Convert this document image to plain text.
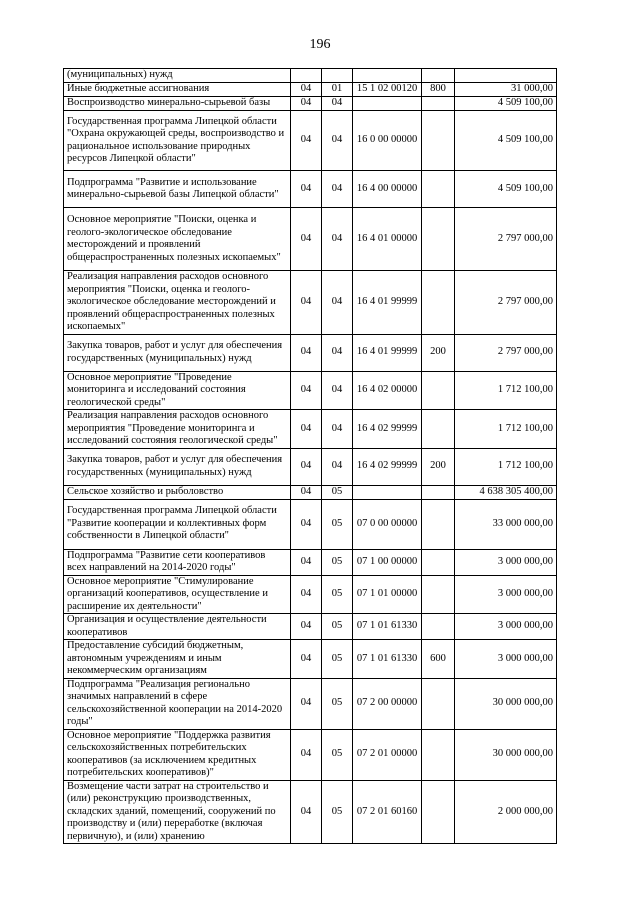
196
(муниципальных) нужд					
Иные бюджетные ассигнования	04	01	15 1 02 00120	800	31 000,00
Воспроизводство минерально-сырьевой базы	04	04			4 509 100,00
Государственная программа Липецкой области "Охрана окружающей среды, воспроизводство и рациональное использование природных ресурсов Липецкой области"	04	04	16 0 00 00000		4 509 100,00
Подпрограмма "Развитие и использование минерально-сырьевой базы Липецкой области"	04	04	16 4 00 00000		4 509 100,00
Основное мероприятие "Поиски, оценка и геолого-экологическое обследование месторождений и проявлений общераспространенных полезных ископаемых"	04	04	16 4 01 00000		2 797 000,00
Реализация направления расходов основного мероприятия "Поиски, оценка и геолого-экологическое обследование месторождений и проявлений общераспространенных полезных ископаемых"	04	04	16 4 01 99999		2 797 000,00
Закупка товаров, работ и услуг для обеспечения государственных (муниципальных) нужд	04	04	16 4 01 99999	200	2 797 000,00
Основное мероприятие "Проведение мониторинга и исследований состояния геологической среды"	04	04	16 4 02 00000		1 712 100,00
Реализация направления расходов основного мероприятия "Проведение мониторинга и исследований состояния геологической среды"	04	04	16 4 02 99999		1 712 100,00
Закупка товаров, работ и услуг для обеспечения государственных (муниципальных) нужд	04	04	16 4 02 99999	200	1 712 100,00
Сельское хозяйство и рыболовство	04	05			4 638 305 400,00
Государственная программа Липецкой области "Развитие кооперации и коллективных форм собственности в Липецкой области"	04	05	07 0 00 00000		33 000 000,00
Подпрограмма "Развитие сети кооперативов всех направлений на 2014-2020 годы"	04	05	07 1 00 00000		3 000 000,00
Основное мероприятие "Стимулирование организаций кооперативов, осуществление и расширение их деятельности"	04	05	07 1 01 00000		3 000 000,00
Организация и осуществление деятельности кооперативов	04	05	07 1 01 61330		3 000 000,00
Предоставление субсидий бюджетным, автономным учреждениям и иным некоммерческим организациям	04	05	07 1 01 61330	600	3 000 000,00
Подпрограмма "Реализация регионально значимых направлений в сфере сельскохозяйственной кооперации на 2014-2020 годы"	04	05	07 2 00 00000		30 000 000,00
Основное мероприятие "Поддержка развития сельскохозяйственных потребительских кооперативов (за исключением кредитных потребительских кооперативов)"	04	05	07 2 01 00000		30 000 000,00
Возмещение части затрат на строительство и (или) реконструкцию производственных, складских зданий, помещений, сооружений по производству и (или) переработке (включая первичную), и (или) хранению	04	05	07 2 01 60160		2 000 000,00
